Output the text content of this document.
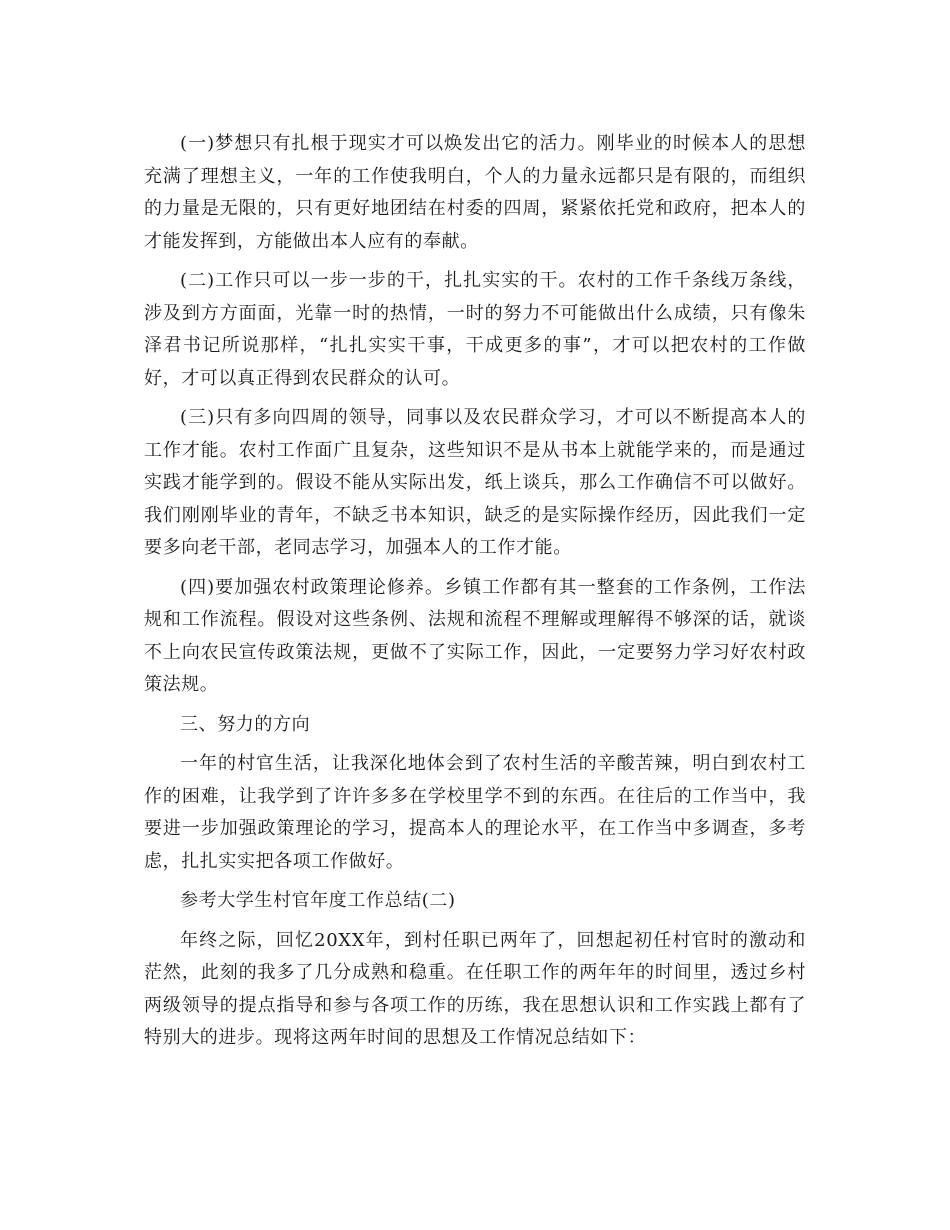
(一)梦想只有扎根于现实才可以焕发出它的活力。刚毕业的时候本人的思想充满了理想主义，一年的工作使我明白，个人的力量永远都只是有限的，而组织的力量是无限的，只有更好地团结在村委的四周，紧紧依托党和政府，把本人的才能发挥到，方能做出本人应有的奉献。

(二)工作只可以一步一步的干，扎扎实实的干。农村的工作千条线万条线，涉及到方方面面，光靠一时的热情，一时的努力不可能做出什么成绩，只有像朱泽君书记所说那样，“扎扎实实干事，干成更多的事”，才可以把农村的工作做好，才可以真正得到农民群众的认可。

(三)只有多向四周的领导，同事以及农民群众学习，才可以不断提高本人的工作才能。农村工作面广且复杂，这些知识不是从书本上就能学来的，而是通过实践才能学到的。假设不能从实际出发，纸上谈兵，那么工作确信不可以做好。我们刚刚毕业的青年，不缺乏书本知识，缺乏的是实际操作经历，因此我们一定要多向老干部，老同志学习，加强本人的工作才能。

(四)要加强农村政策理论修养。乡镇工作都有其一整套的工作条例，工作法规和工作流程。假设对这些条例、法规和流程不理解或理解得不够深的话，就谈不上向农民宣传政策法规，更做不了实际工作，因此，一定要努力学习好农村政策法规。

三、努力的方向

一年的村官生活，让我深化地体会到了农村生活的辛酸苦辣，明白到农村工作的困难，让我学到了许许多多在学校里学不到的东西。在往后的工作当中，我要进一步加强政策理论的学习，提高本人的理论水平，在工作当中多调查，多考虑，扎扎实实把各项工作做好。

参考大学生村官年度工作总结(二)

年终之际，回忆20XX年，到村任职已两年了，回想起初任村官时的激动和茫然，此刻的我多了几分成熟和稳重。在任职工作的两年年的时间里，透过乡村两级领导的提点指导和参与各项工作的历练，我在思想认识和工作实践上都有了特别大的进步。现将这两年时间的思想及工作情况总结如下：
